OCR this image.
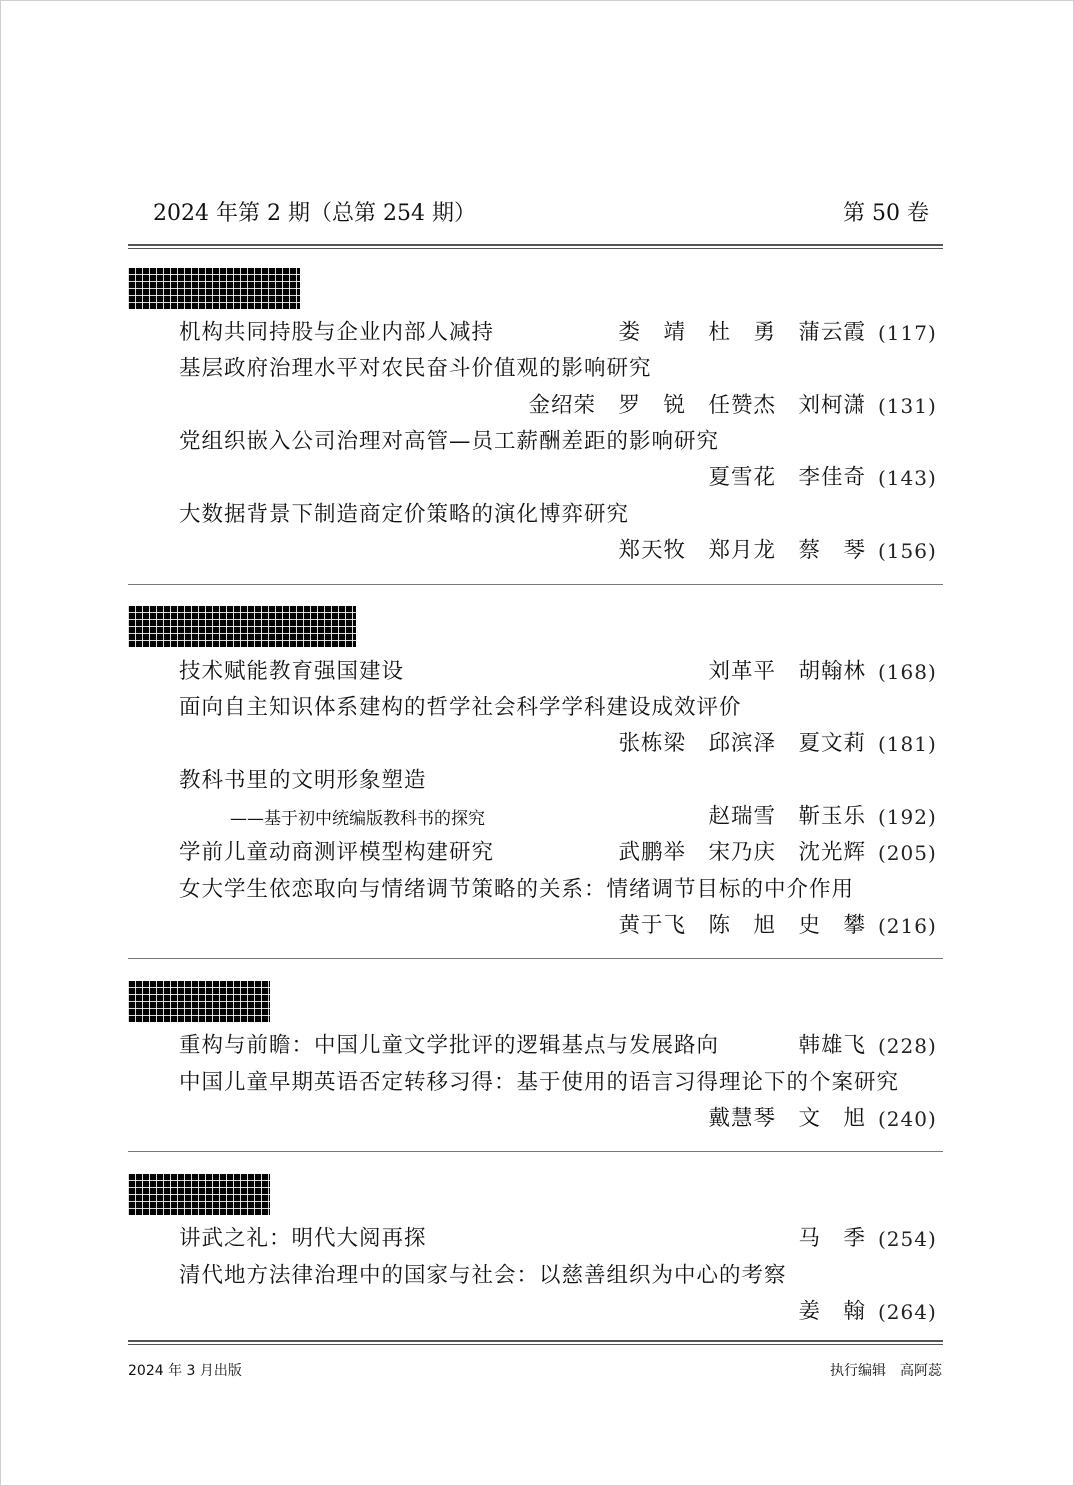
2024 年第 2 期（总第 254 期）	第 50 卷
机构共同持股与企业内部人减持	娄　靖　杜　勇　蒲云霞 (117)
基层政府治理水平对农民奋斗价值观的影响研究
金绍荣　罗　锐　任赞杰　刘柯潇 (131)
党组织嵌入公司治理对高管—员工薪酬差距的影响研究
夏雪花　李佳奇 (143)
大数据背景下制造商定价策略的演化博弈研究
郑天牧　郑月龙　蔡　琴 (156)
技术赋能教育强国建设	刘革平　胡翰林 (168)
面向自主知识体系建构的哲学社会科学学科建设成效评价
张栋梁　邱滨泽　夏文莉 (181)
教科书里的文明形象塑造
——基于初中统编版教科书的探究	赵瑞雪　靳玉乐 (192)
学前儿童动商测评模型构建研究	武鹏举　宋乃庆　沈光辉 (205)
女大学生依恋取向与情绪调节策略的关系：情绪调节目标的中介作用
黄于飞　陈　旭　史　攀 (216)
重构与前瞻：中国儿童文学批评的逻辑基点与发展路向	韩雄飞 (228)
中国儿童早期英语否定转移习得：基于使用的语言习得理论下的个案研究
戴慧琴　文　旭 (240)
讲武之礼：明代大阅再探	马　季 (254)
清代地方法律治理中的国家与社会：以慈善组织为中心的考察
姜　翰 (264)
2024 年 3 月出版	执行编辑　高阿蕊
